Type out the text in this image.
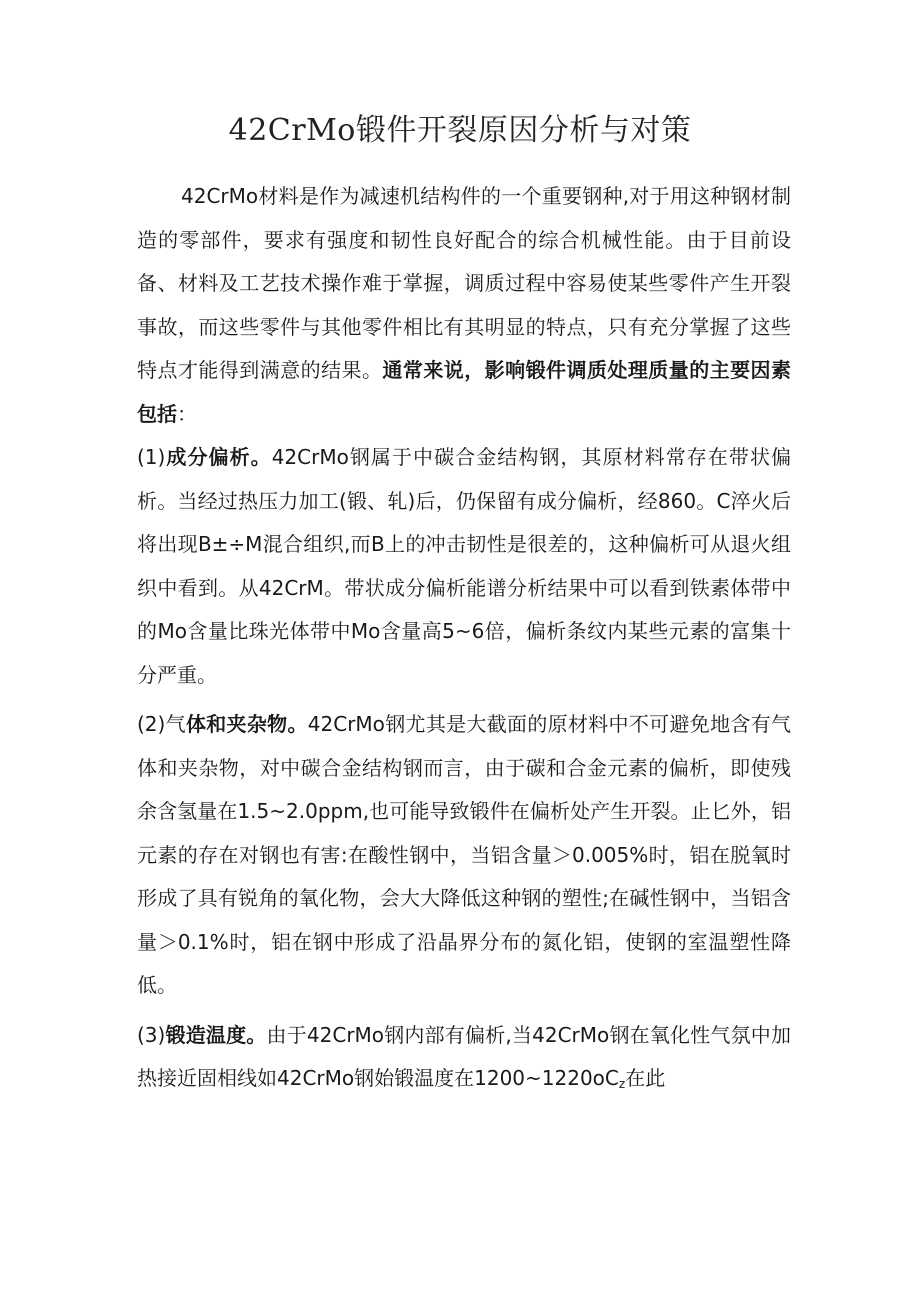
42CrMo锻件开裂原因分析与对策

42CrMo材料是作为减速机结构件的一个重要钢种,对于用这种钢材制造的零部件，要求有强度和韧性良好配合的综合机械性能。由于目前设备、材料及工艺技术操作难于掌握，调质过程中容易使某些零件产生开裂事故，而这些零件与其他零件相比有其明显的特点，只有充分掌握了这些特点才能得到满意的结果。通常来说，影响锻件调质处理质量的主要因素包括：

(1)成分偏析。42CrMo钢属于中碳合金结构钢，其原材料常存在带状偏析。当经过热压力加工(锻、轧)后，仍保留有成分偏析，经860。C淬火后将出现B±÷M混合组织,而B上的冲击韧性是很差的，这种偏析可从退火组织中看到。从42CrM。带状成分偏析能谱分析结果中可以看到铁素体带中的Mo含量比珠光体带中Mo含量高5~6倍，偏析条纹内某些元素的富集十分严重。

(2)气体和夹杂物。42CrMo钢尤其是大截面的原材料中不可避免地含有气体和夹杂物，对中碳合金结构钢而言，由于碳和合金元素的偏析，即使残余含氢量在1.5~2.0ppm,也可能导致锻件在偏析处产生开裂。止匕外，铝元素的存在对钢也有害:在酸性钢中，当铝含量＞0.005%时，铝在脱氧时形成了具有锐角的氧化物，会大大降低这种钢的塑性;在碱性钢中，当铝含量＞0.1%时，铝在钢中形成了沿晶界分布的氮化铝，使钢的室温塑性降低。

(3)锻造温度。由于42CrMo钢内部有偏析,当42CrMo钢在氧化性气氛中加热接近固相线如42CrMo钢始锻温度在$1200\sim 1220oC_z$在此
